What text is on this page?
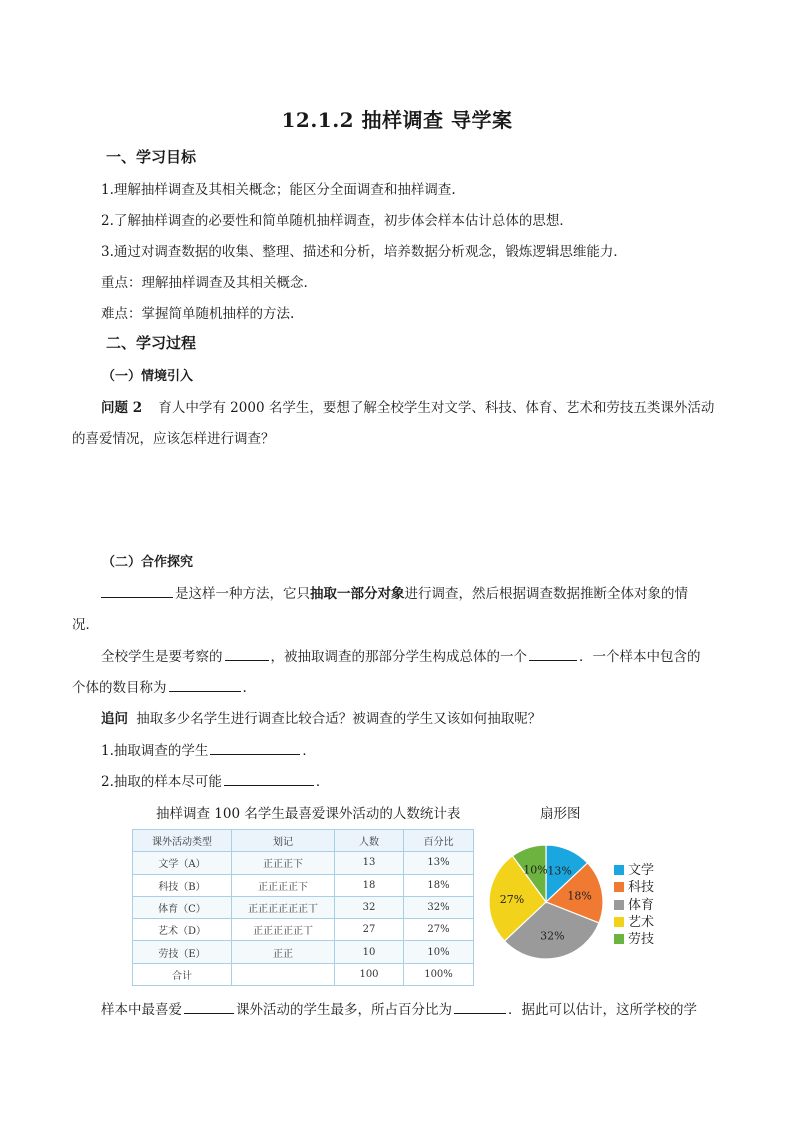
12.1.2 抽样调查 导学案
一、学习目标
1.理解抽样调查及其相关概念；能区分全面调查和抽样调查.
2.了解抽样调查的必要性和简单随机抽样调查，初步体会样本估计总体的思想．
3.通过对调查数据的收集、整理、描述和分析，培养数据分析观念，锻炼逻辑思维能力．
重点：理解抽样调查及其相关概念.
难点：掌握简单随机抽样的方法.
二、学习过程
（一）情境引入
问题 2 育人中学有 2000 名学生，要想了解全校学生对文学、科技、体育、艺术和劳技五类课外活动
的喜爱情况，应该怎样进行调查？
（二）合作探究
是这样一种方法，它只抽取一部分对象进行调查，然后根据调查数据推断全体对象的情
况．
全校学生是要考察的	，被抽取调查的那部分学生构成总体的一个	．一个样本中包含的
个体的数目称为	.
追问 抽取多少名学生进行调查比较合适？被调查的学生又该如何抽取呢？
1.抽取调查的学生	．
2.抽取的样本尽可能	．
抽样调查 100 名学生最喜爱课外活动的人数统计表	扇形图
课外活动类型	划记	人数	百分比
文学（A）	正正正下	13	13%
科技（B）	正正正正下	18	18%
体育（C）	正正正正正正丅	32	32%
艺术（D）	正正正正正丅	27	27%
劳技（E）	正正	10	10%
合计		100	100%
13%
18%
32%
27%
10%	文学
科技
体育
艺术
劳技
样本中最喜爱	课外活动的学生最多，所占百分比为	．据此可以估计，这所学校的学
